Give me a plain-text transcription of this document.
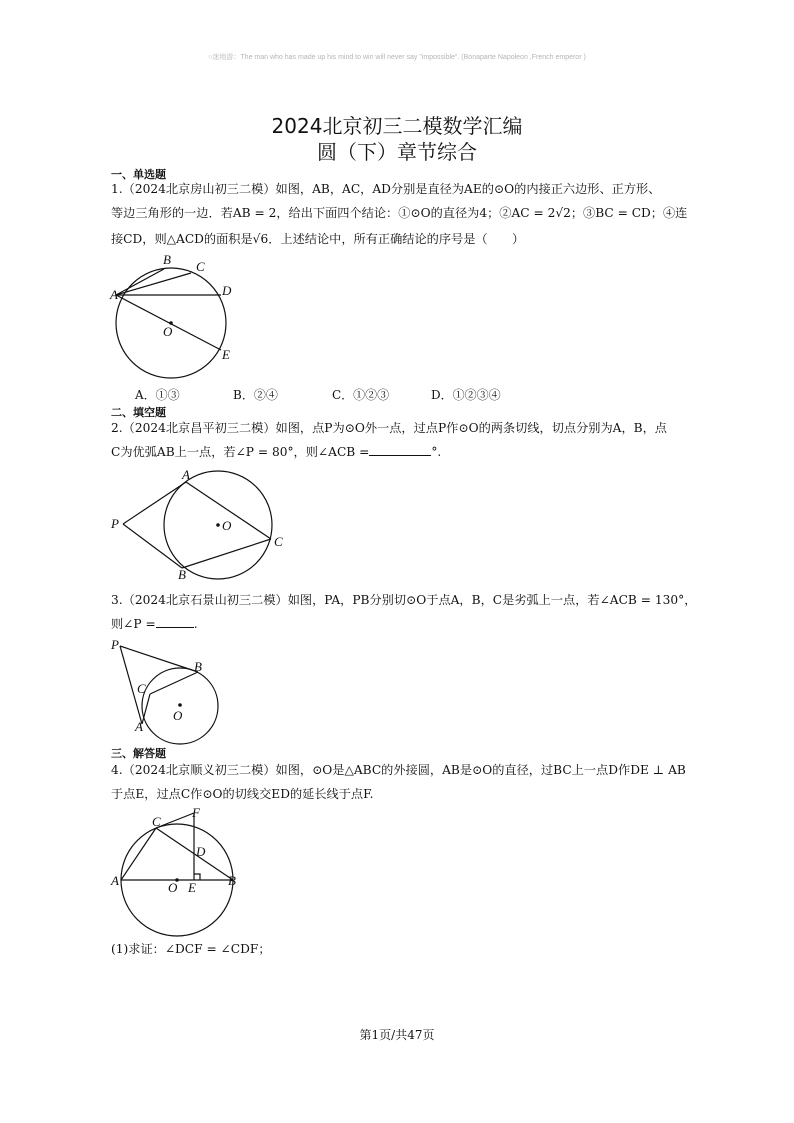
○迷地游：The man who has made up his mind to win will never say "impossible". (Bonaparte Napoleon ,French emperor )
2024北京初三二模数学汇编
圆（下）章节综合
一、单选题
1.（2024北京房山初三二模）如图，AB，AC，AD分别是直径为AE的⊙O的内接正六边形、正方形、
等边三角形的一边．若AB = 2，给出下面四个结论：①⊙O的直径为4；②AC = 2√2；③BC = CD；④连
接CD，则△ACD的面积是√6．上述结论中，所有正确结论的序号是（　　）
A
B C
D
O
E
A．①③	B．②④	C．①②③	D．①②③④
二、填空题
2.（2024北京昌平初三二模）如图，点P为⊙O外一点，过点P作⊙O的两条切线，切点分别为A，B，点
C为优弧AB上一点，若∠P = 80°，则∠ACB =	°.
A
P	O
C
B
3.（2024北京石景山初三二模）如图，PA，PB分别切⊙O于点A，B，C是劣弧上一点，若∠ACB = 130°，
则∠P =	.
P
B
C
A
O
三、解答题
4.（2024北京顺义初三二模）如图，⊙O是△ABC的外接圆，AB是⊙O的直径，过BC上一点D作DE ⊥ AB
于点E，过点C作⊙O的切线交ED的延长线于点F.
C
F
D
A	O E B
(1)求证：∠DCF = ∠CDF；
第1页/共47页
